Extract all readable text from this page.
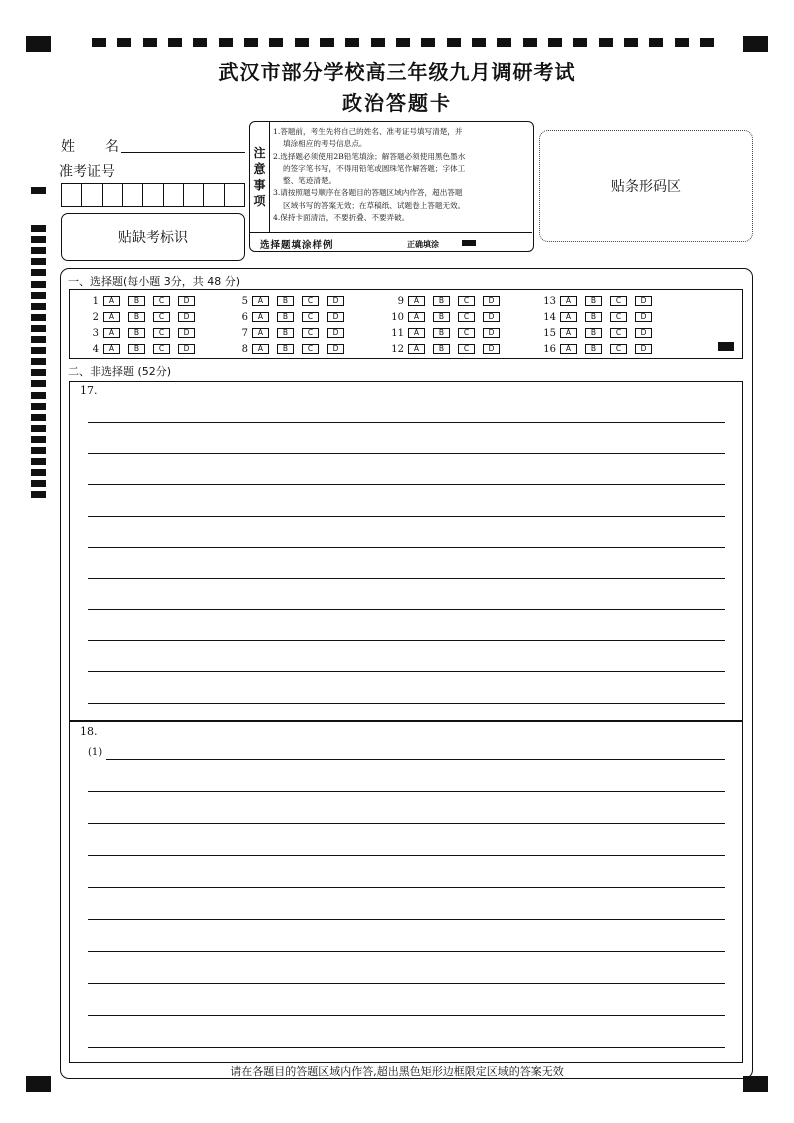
武汉市部分学校高三年级九月调研考试
政治答题卡
姓 名
准考证号
贴缺考标识
注
意
事
项

1.答题前，考生先将自己的姓名、准考证号填写清楚，并

填涂相应的考号信息点。

2.选择题必须使用2B铅笔填涂；解答题必须使用黑色墨水

的签字笔书写，不得用铅笔或圆珠笔作解答题；字体工

整、笔迹清楚。

3.请按照题号顺序在各题目的答题区域内作答，超出答题

区域书写的答案无效；在草稿纸、试题卷上答题无效。

4.保持卡面清洁，不要折叠、不要弄破。

选择题填涂样例	正确填涂
贴条形码区
一、选择题(每小题 3分，共 48 分)
1	A	B	C	D
2	A	B	C	D
3	A	B	C	D
4	A	B	C	D
5	A	B	C	D
6	A	B	C	D
7	A	B	C	D
8	A	B	C	D
9	A	B	C	D
10	A	B	C	D
11	A	B	C	D
12	A	B	C	D
13	A	B	C	D
14	A	B	C	D
15	A	B	C	D
16	A	B	C	D
二、非选择题 (52分)
17.
18.
(1)
请在各题目的答题区域内作答,超出黑色矩形边框限定区域的答案无效
